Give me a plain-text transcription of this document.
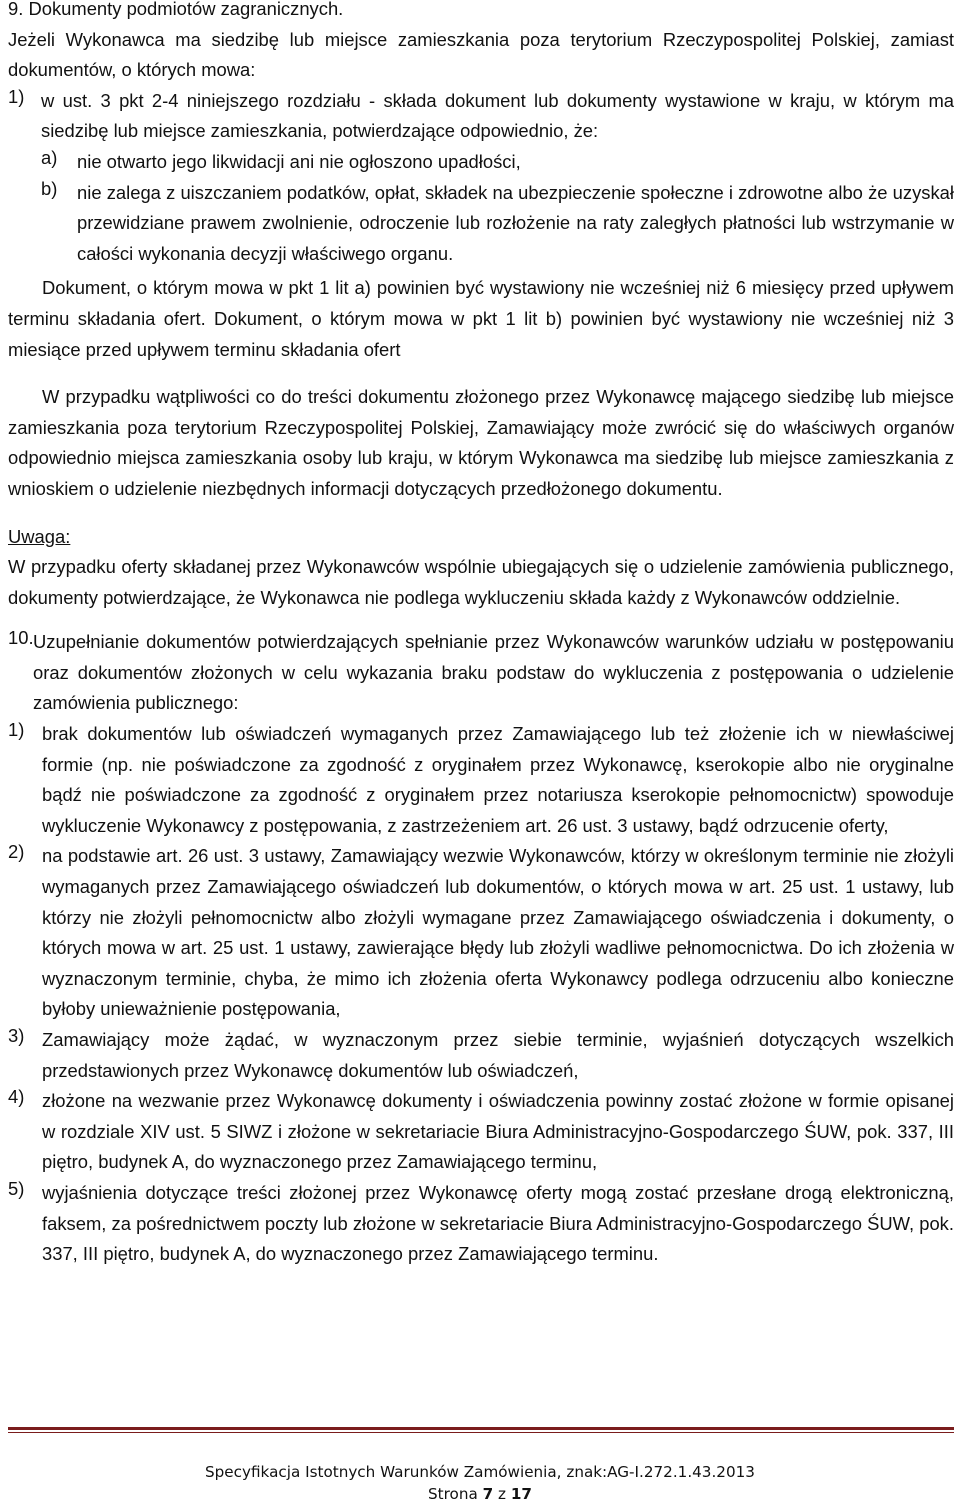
9. Dokumenty podmiotów zagranicznych.

Jeżeli Wykonawca ma siedzibę lub miejsce zamieszkania poza terytorium Rzeczypospolitej Polskiej, zamiast dokumentów, o których mowa:

1) w ust. 3 pkt 2-4 niniejszego rozdziału - składa dokument lub dokumenty wystawione w kraju, w którym ma siedzibę lub miejsce zamieszkania, potwierdzające odpowiednio, że:
a)	nie otwarto jego likwidacji ani nie ogłoszono upadłości,
b)	nie zalega z uiszczaniem podatków, opłat, składek na ubezpieczenie społeczne i zdrowotne albo że uzyskał przewidziane prawem zwolnienie, odroczenie lub rozłożenie na raty zaległych płatności lub wstrzymanie w całości wykonania decyzji właściwego organu.

Dokument, o którym mowa w pkt 1 lit a) powinien być wystawiony nie wcześniej niż 6 miesięcy przed upływem terminu składania ofert. Dokument, o którym mowa w pkt 1 lit b) powinien być wystawiony nie wcześniej niż 3 miesiące przed upływem terminu składania ofert

W przypadku wątpliwości co do treści dokumentu złożonego przez Wykonawcę mającego siedzibę lub miejsce zamieszkania poza terytorium Rzeczypospolitej Polskiej, Zamawiający może zwrócić się do właściwych organów odpowiednio miejsca zamieszkania osoby lub kraju, w którym Wykonawca ma siedzibę lub miejsce zamieszkania z wnioskiem o udzielenie niezbędnych informacji dotyczących przedłożonego dokumentu.

Uwaga:

W przypadku oferty składanej przez Wykonawców wspólnie ubiegających się o udzielenie zamówienia publicznego, dokumenty potwierdzające, że Wykonawca nie podlega wykluczeniu składa każdy z Wykonawców oddzielnie.

10. Uzupełnianie dokumentów potwierdzających spełnianie przez Wykonawców warunków udziału w postępowaniu oraz dokumentów złożonych w celu wykazania braku podstaw do wykluczenia z postępowania o udzielenie zamówienia publicznego:
1) brak dokumentów lub oświadczeń wymaganych przez Zamawiającego lub też złożenie ich w niewłaściwej formie (np. nie poświadczone za zgodność z oryginałem przez Wykonawcę, kserokopie albo nie oryginalne bądź nie poświadczone za zgodność z oryginałem przez notariusza kserokopie pełnomocnictw) spowoduje wykluczenie Wykonawcy z postępowania, z zastrzeżeniem art. 26 ust. 3 ustawy, bądź odrzucenie oferty,
2) na podstawie art. 26 ust. 3 ustawy, Zamawiający wezwie Wykonawców, którzy w określonym terminie nie złożyli wymaganych przez Zamawiającego oświadczeń lub dokumentów, o których mowa w art. 25 ust. 1 ustawy, lub którzy nie złożyli pełnomocnictw albo złożyli wymagane przez Zamawiającego oświadczenia i dokumenty, o których mowa w art. 25 ust. 1 ustawy, zawierające błędy lub złożyli wadliwe pełnomocnictwa. Do ich złożenia w wyznaczonym terminie, chyba, że mimo ich złożenia oferta Wykonawcy podlega odrzuceniu albo konieczne byłoby unieważnienie postępowania,
3) Zamawiający może żądać, w wyznaczonym przez siebie terminie, wyjaśnień dotyczących wszelkich przedstawionych przez Wykonawcę dokumentów lub oświadczeń,
4) złożone na wezwanie przez Wykonawcę dokumenty i oświadczenia powinny zostać złożone w formie opisanej w rozdziale XIV ust. 5 SIWZ i złożone w sekretariacie Biura Administracyjno-Gospodarczego ŚUW, pok. 337, III piętro, budynek A, do wyznaczonego przez Zamawiającego terminu,
5) wyjaśnienia dotyczące treści złożonej przez Wykonawcę oferty mogą zostać przesłane drogą elektroniczną, faksem, za pośrednictwem poczty lub złożone w sekretariacie Biura Administracyjno-Gospodarczego ŚUW, pok. 337, III piętro, budynek A, do wyznaczonego przez Zamawiającego terminu.
Specyfikacja Istotnych Warunków Zamówienia, znak:AG-I.272.1.43.2013
Strona 7 z 17
